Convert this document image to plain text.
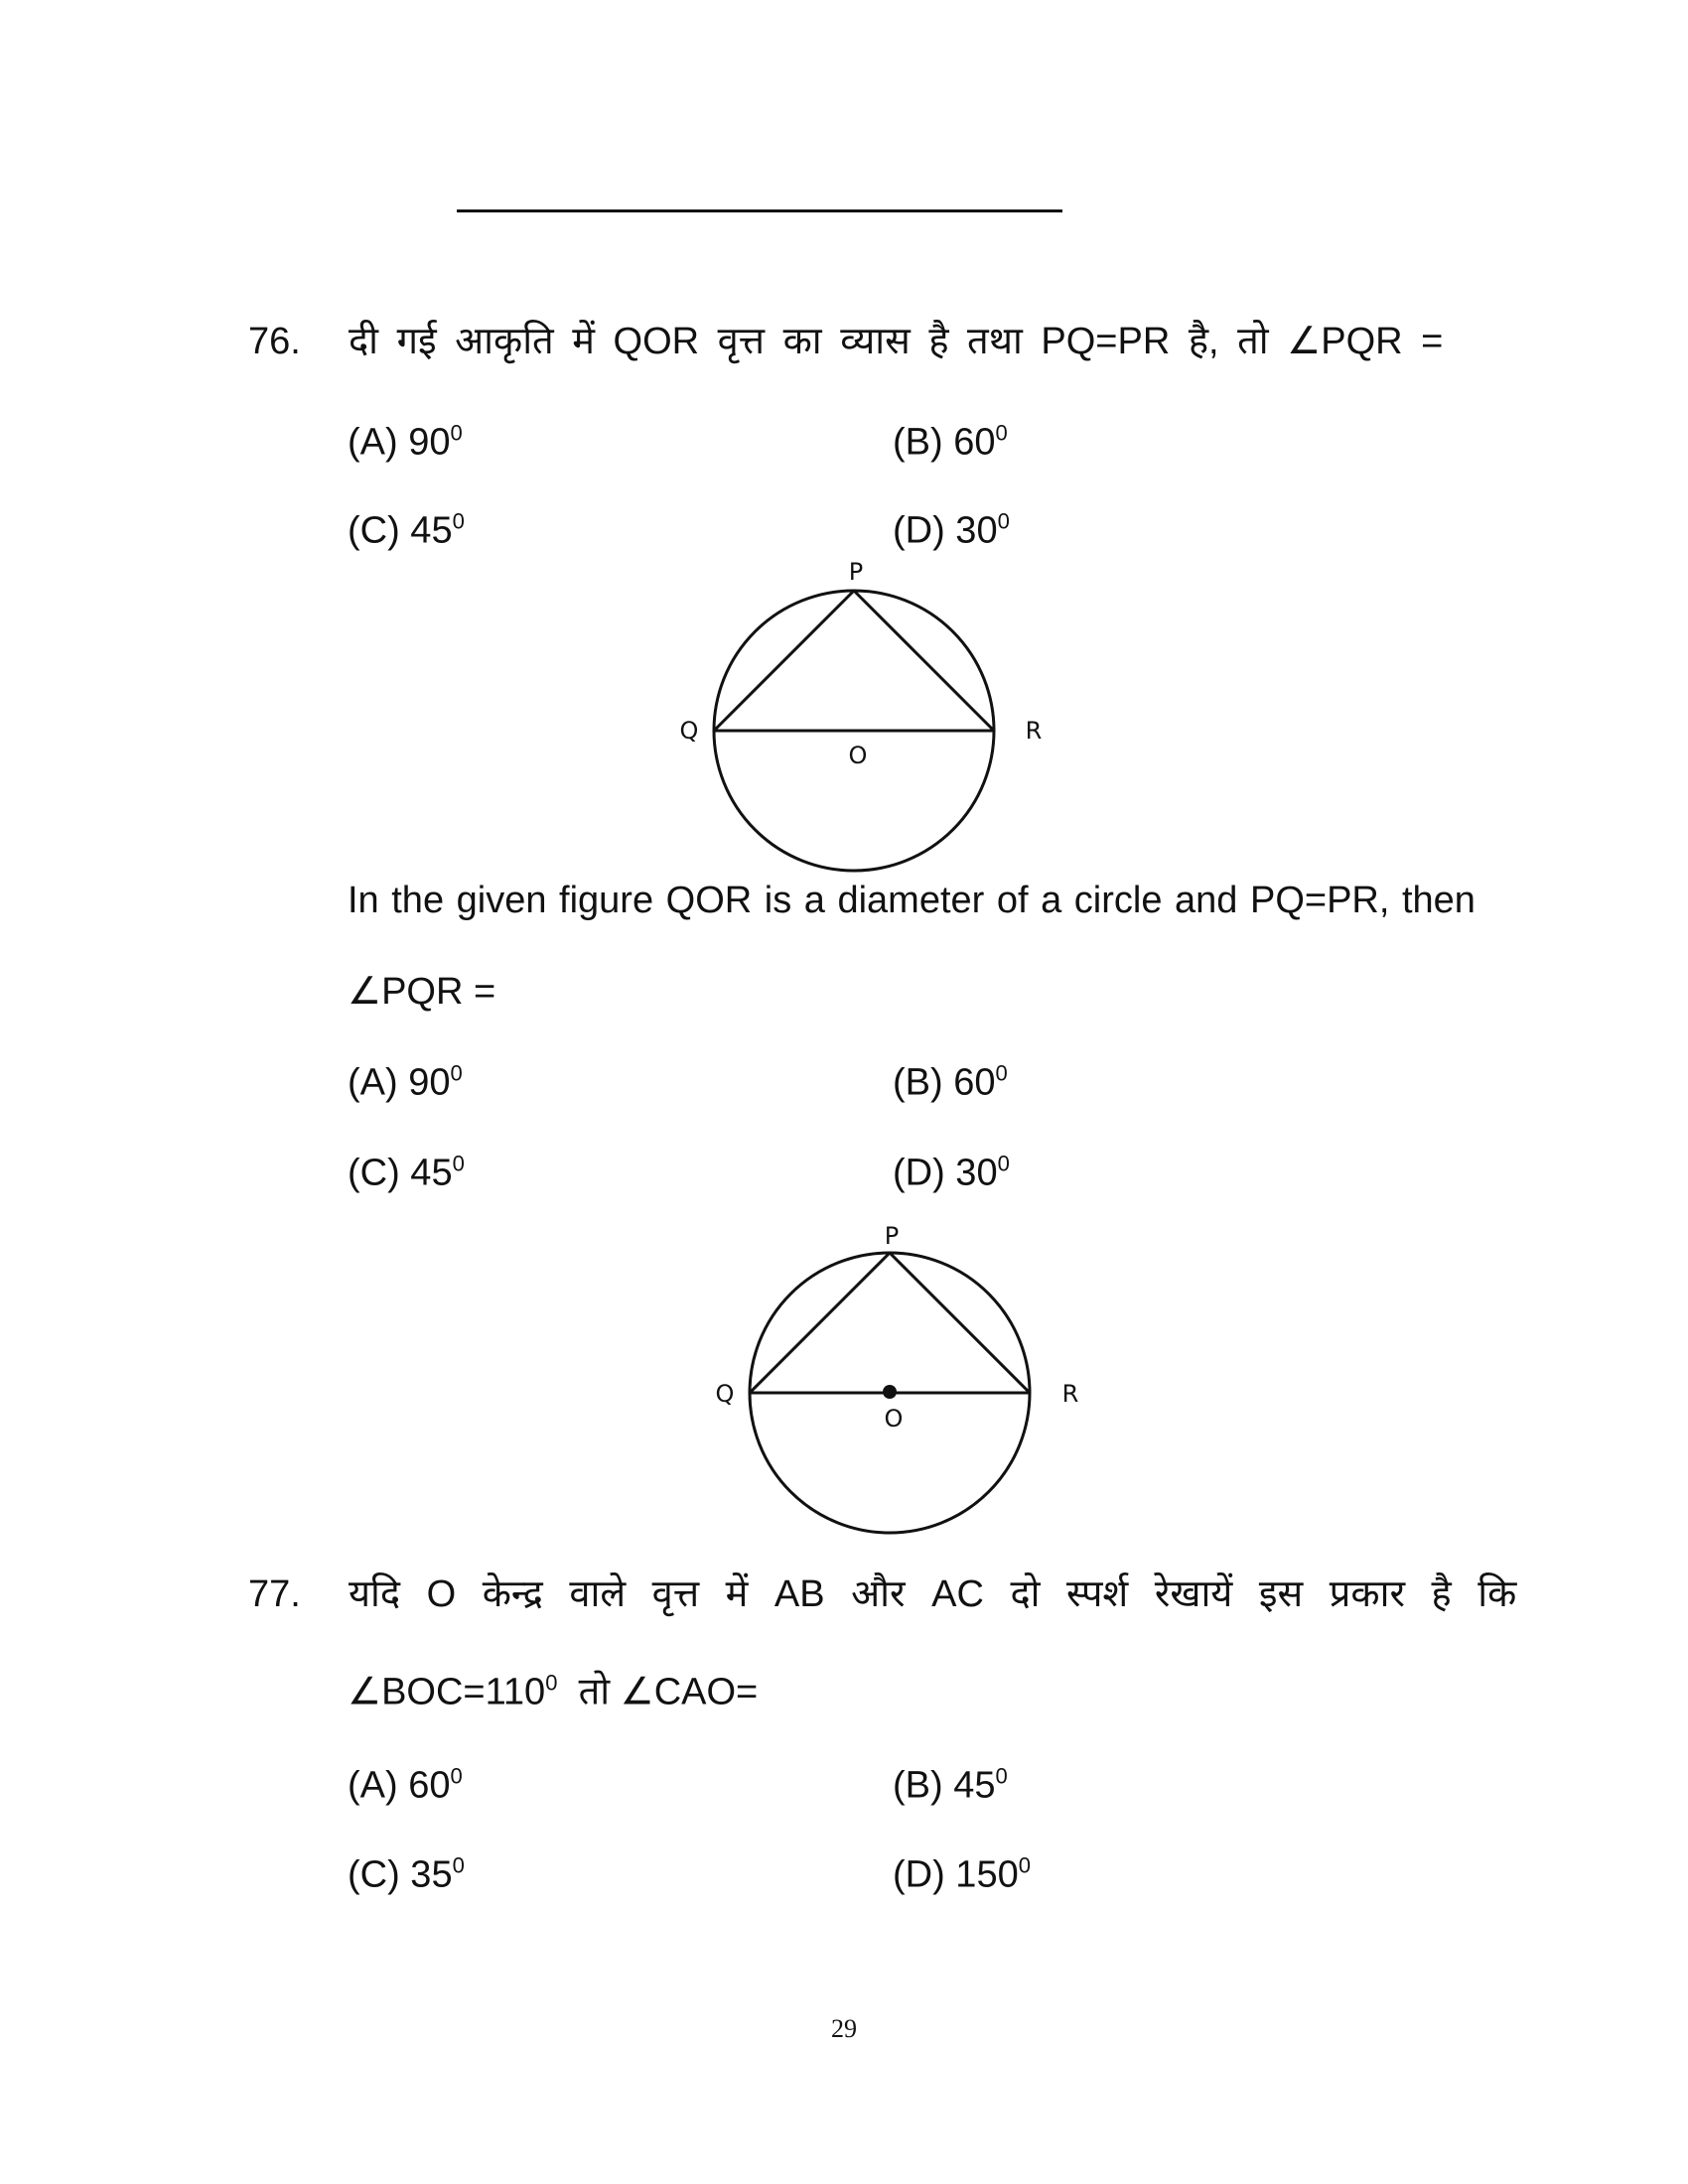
76. दी गई आकृति में QOR वृत्त का व्यास है तथा PQ=PR है, तो ∠PQR =
(A) $90^0$	(B) $60^0$
(C) $45^0$	(D) $30^0$
P
Q	R
O
In the given figure QOR is a diameter of a circle and PQ=PR, then
∠PQR =
(A) $90^0$	(B) $60^0$
(C) $45^0$	(D) $30^0$
P
Q	R
O
77. यदि O केन्द्र वाले वृत्त में AB और AC दो स्पर्श रेखायें इस प्रकार है कि
$\angle BOC=110^0$ तो ∠CAO=
(A) $60^0$	(B) $45^0$
(C) $35^0$	(D) $150^0$
29
